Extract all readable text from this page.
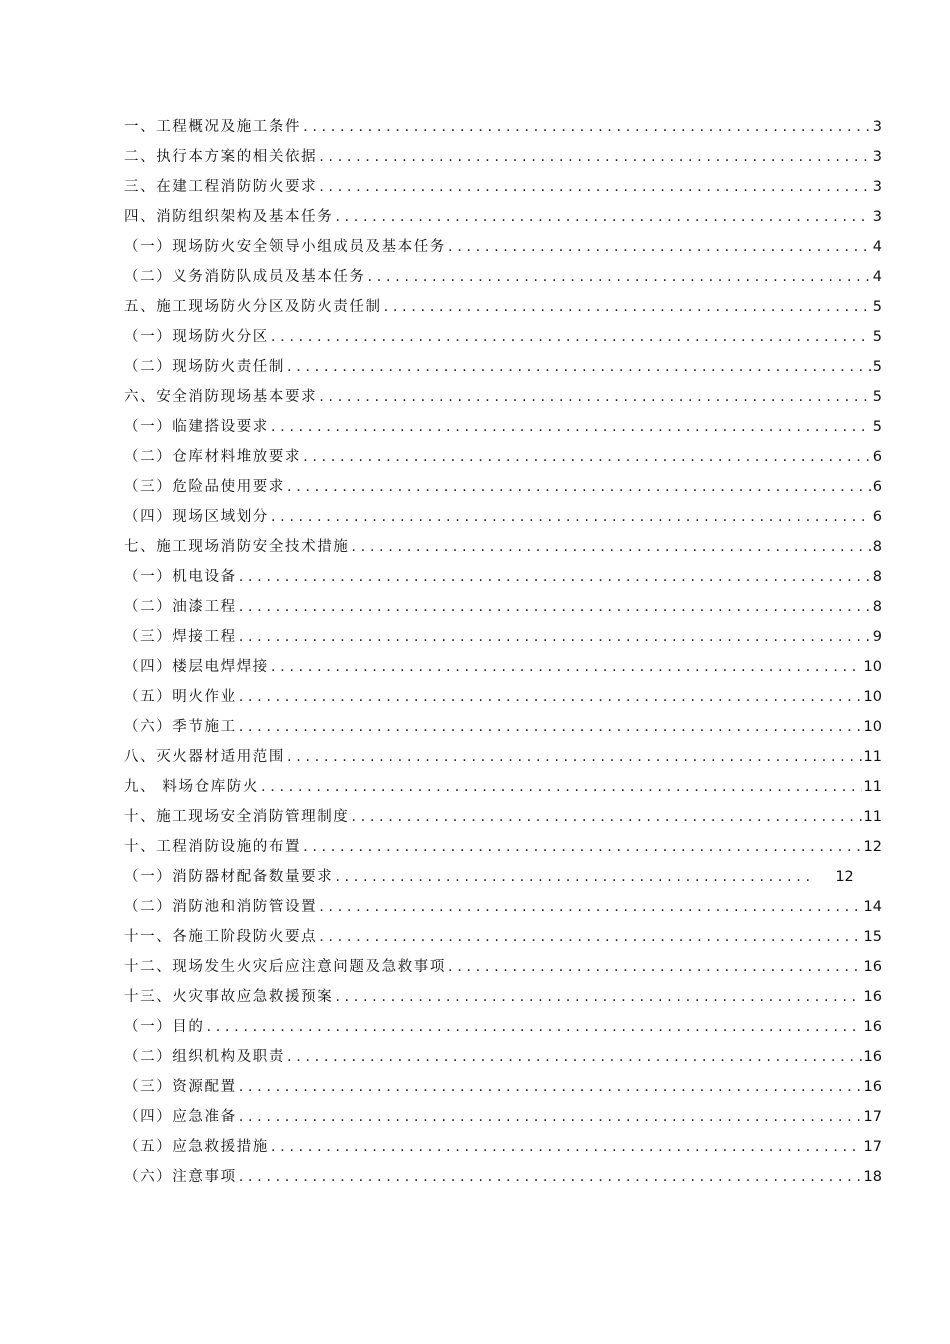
一、工程概况及施工条件 . . .	3
二、执行本方案的相关依据 . . .	3
三、在建工程消防防火要求 . . .	3
四、消防组织架构及基本任务 . . .	3
（一）现场防火安全领导小组成员及基本任务 . . .	4
（二）义务消防队成员及基本任务 . . .	4
五、施工现场防火分区及防火责任制 . . .	5
（一）现场防火分区 . . .	5
（二）现场防火责任制 . . .	5
六、安全消防现场基本要求 . . .	5
（一）临建搭设要求 . . .	5
（二）仓库材料堆放要求 . . .	6
（三）危险品使用要求 . . .	6
（四）现场区域划分 . . .	6
七、施工现场消防安全技术措施 . . .	8
（一）机电设备 . . .	8
（二）油漆工程 . . .	8
（三）焊接工程 . . .	9
（四）楼层电焊焊接 . . .	10
（五）明火作业 . . .	10
（六）季节施工 . . .	10
八、灭火器材适用范围 . . .	11
九、 料场仓库防火 . . .	11
十、施工现场安全消防管理制度 . . .	11
十、工程消防设施的布置 . . .	12
（一）消防器材配备数量要求 . . .	12
（二）消防池和消防管设置 . . .	14
十一、各施工阶段防火要点 . . .	15
十二、现场发生火灾后应注意问题及急救事项 . . .	16
十三、火灾事故应急救援预案 . . .	16
（一）目的 . . .	16
（二）组织机构及职责 . . .	16
（三）资源配置 . . .	16
（四）应急准备 . . .	17
（五）应急救援措施 . . .	17
（六）注意事项 . . .	18
